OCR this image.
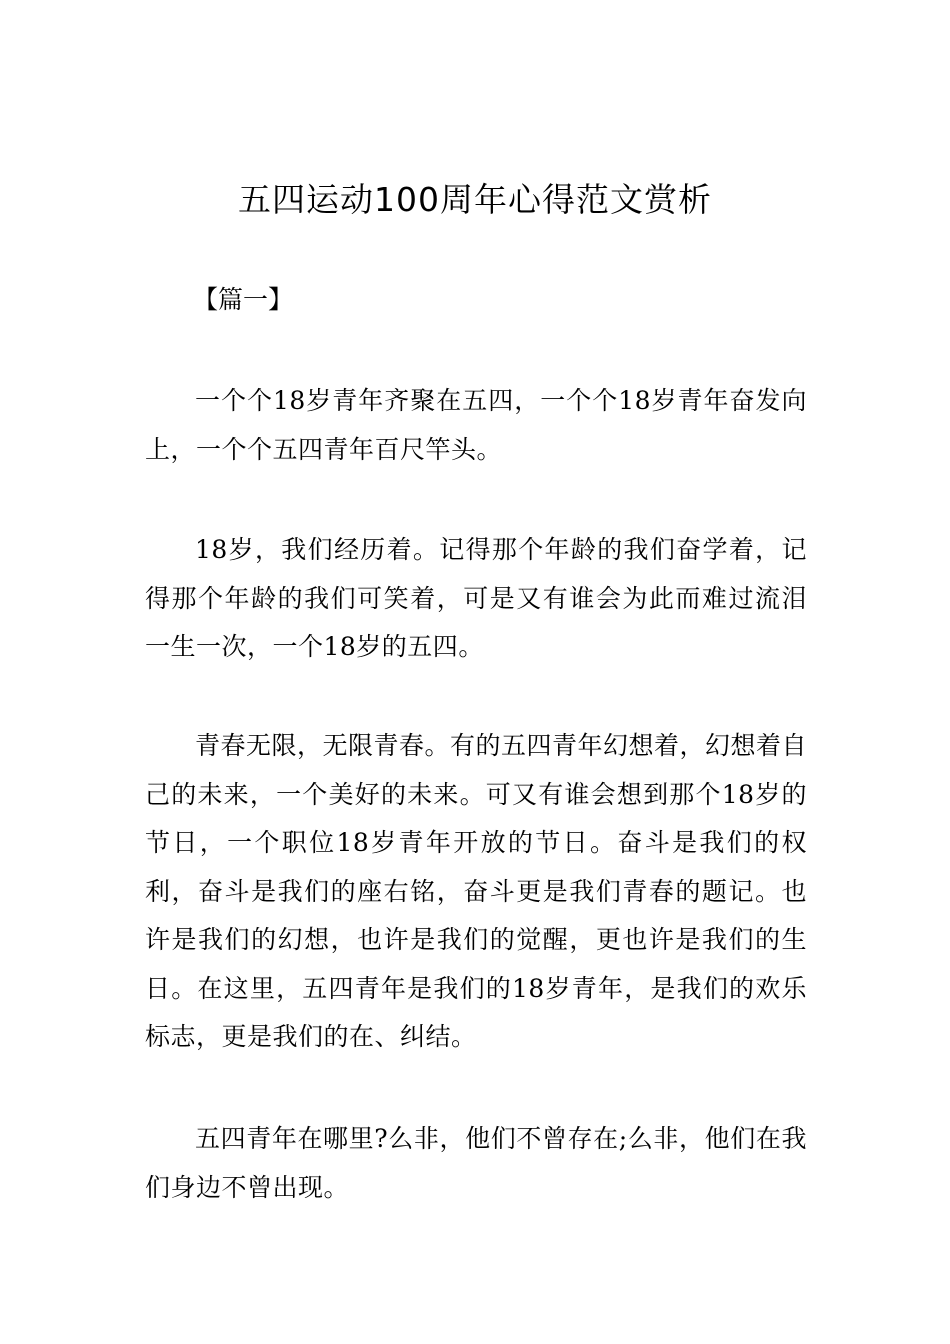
五四运动100周年心得范文赏析

【篇一】

一个个18岁青年齐聚在五四，一个个18岁青年奋发向上，一个个五四青年百尺竿头。

18岁，我们经历着。记得那个年龄的我们奋学着，记得那个年龄的我们可笑着，可是又有谁会为此而难过流泪一生一次，一个18岁的五四。

青春无限，无限青春。有的五四青年幻想着，幻想着自己的未来，一个美好的未来。可又有谁会想到那个18岁的节日，一个职位18岁青年开放的节日。奋斗是我们的权利，奋斗是我们的座右铭，奋斗更是我们青春的题记。也许是我们的幻想，也许是我们的觉醒，更也许是我们的生日。在这里，五四青年是我们的18岁青年，是我们的欢乐标志，更是我们的在、纠结。

五四青年在哪里?么非，他们不曾存在;么非，他们在我们身边不曾出现。
